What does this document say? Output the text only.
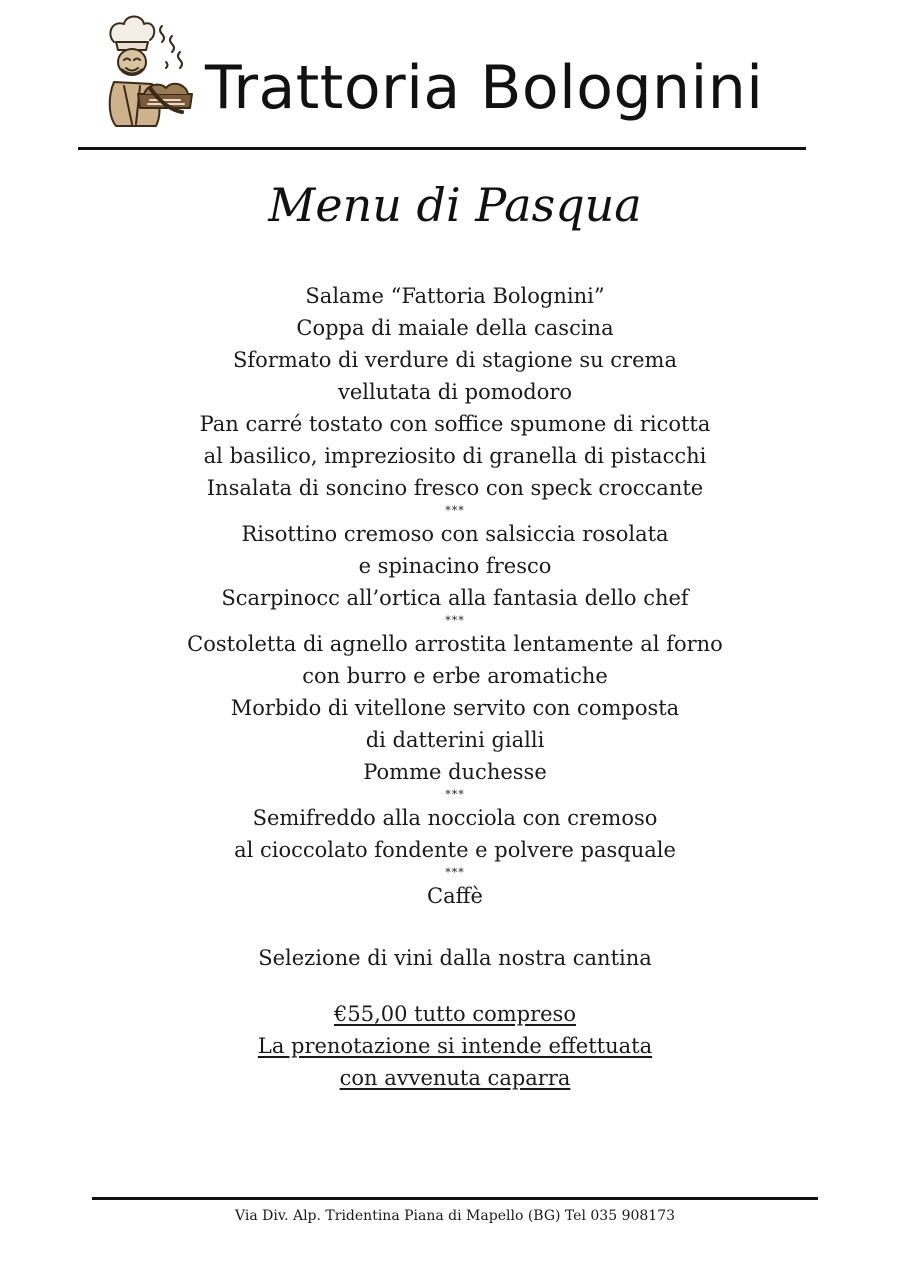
Trattoria Bolognini
Menu di Pasqua
Salame “Fattoria Bolognini”
Coppa di maiale della cascina
Sformato di verdure di stagione su crema
vellutata di pomodoro
Pan carré tostato con soffice spumone di ricotta
al basilico, impreziosito di granella di pistacchi
Insalata di soncino fresco con speck croccante
***
Risottino cremoso con salsiccia rosolata
e spinacino fresco
Scarpinocc all’ortica alla fantasia dello chef
***
Costoletta di agnello arrostita lentamente al forno
con burro e erbe aromatiche
Morbido di vitellone servito con composta
di datterini gialli
Pomme duchesse
***
Semifreddo alla nocciola con cremoso
al cioccolato fondente e polvere pasquale
***
Caffè
Selezione di vini dalla nostra cantina
€55,00 tutto compreso
La prenotazione si intende effettuata
con avvenuta caparra
Via Div. Alp. Tridentina Piana di Mapello (BG) Tel 035 908173
